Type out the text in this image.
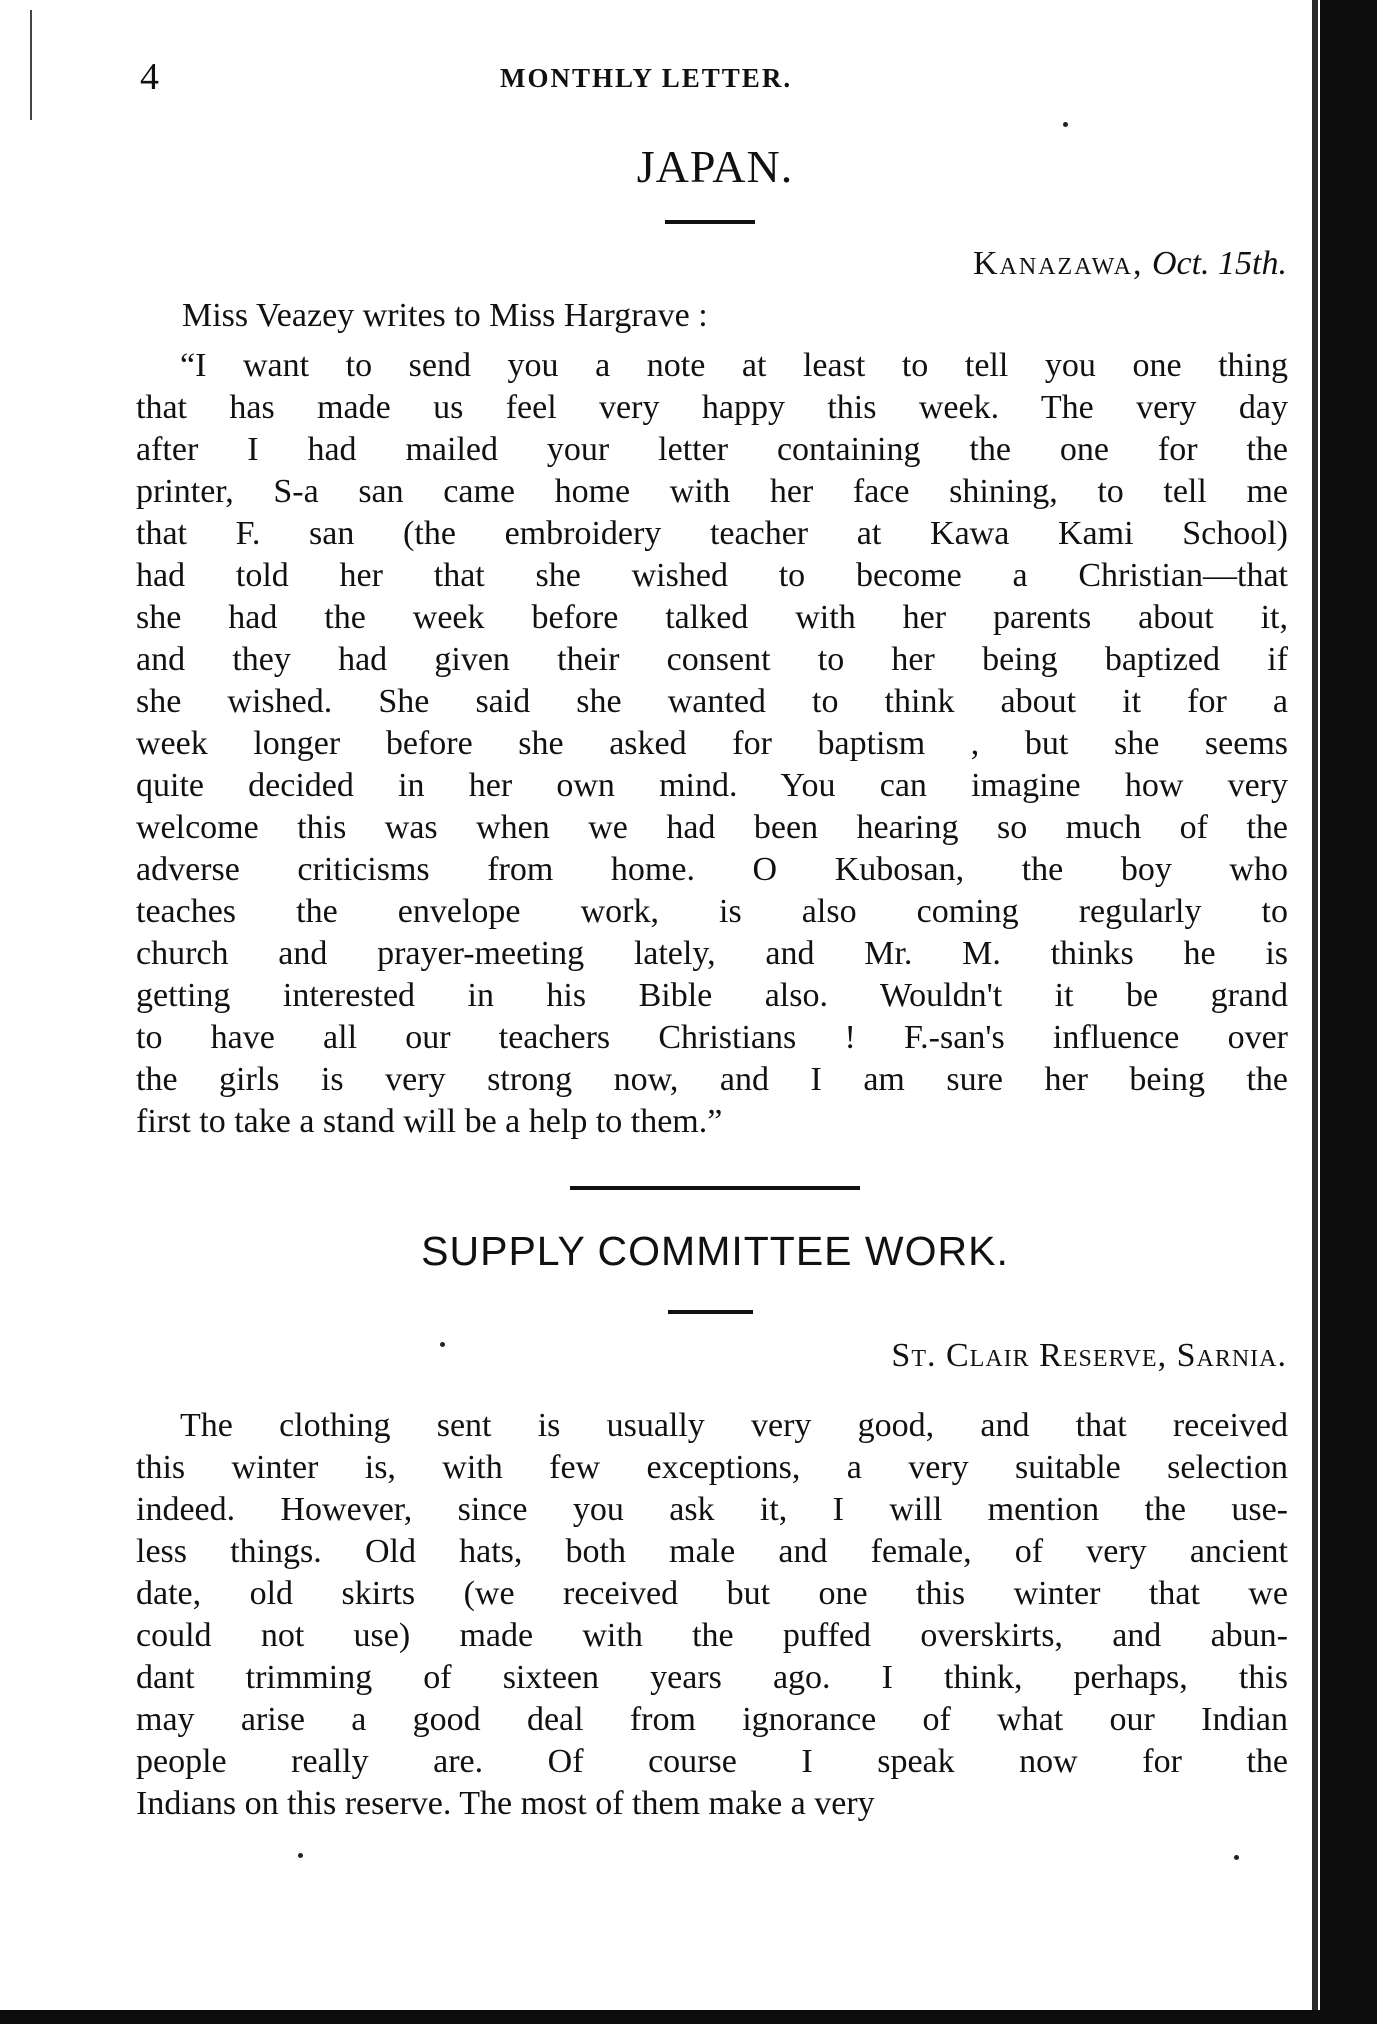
4	MONTHLY LETTER.
JAPAN.
Kanazawa, Oct. 15th.
Miss Veazey writes to Miss Hargrave :
“I want to send you a note at least to tell you one thing
that has made us feel very happy this week. The very day
after I had mailed your letter containing the one for the
printer, S-a san came home with her face shining, to tell me
that F. san (the embroidery teacher at Kawa Kami School)
had told her that she wished to become a Christian—that
she had the week before talked with her parents about it,
and they had given their consent to her being baptized if
she wished. She said she wanted to think about it for a
week longer before she asked for baptism , but she seems
quite decided in her own mind. You can imagine how very
welcome this was when we had been hearing so much of the
adverse criticisms from home. O Kubosan, the boy who
teaches the envelope work, is also coming regularly to
church and prayer-meeting lately, and Mr. M. thinks he is
getting interested in his Bible also. Wouldn't it be grand
to have all our teachers Christians ! F.-san's influence over
the girls is very strong now, and I am sure her being the
first to take a stand will be a help to them.”
SUPPLY COMMITTEE WORK.
St. Clair Reserve, Sarnia.
The clothing sent is usually very good, and that received
this winter is, with few exceptions, a very suitable selection
indeed. However, since you ask it, I will mention the use-
less things. Old hats, both male and female, of very ancient
date, old skirts (we received but one this winter that we
could not use) made with the puffed overskirts, and abun-
dant trimming of sixteen years ago. I think, perhaps, this
may arise a good deal from ignorance of what our Indian
people really are. Of course I speak now for the
Indians on this reserve. The most of them make a very
